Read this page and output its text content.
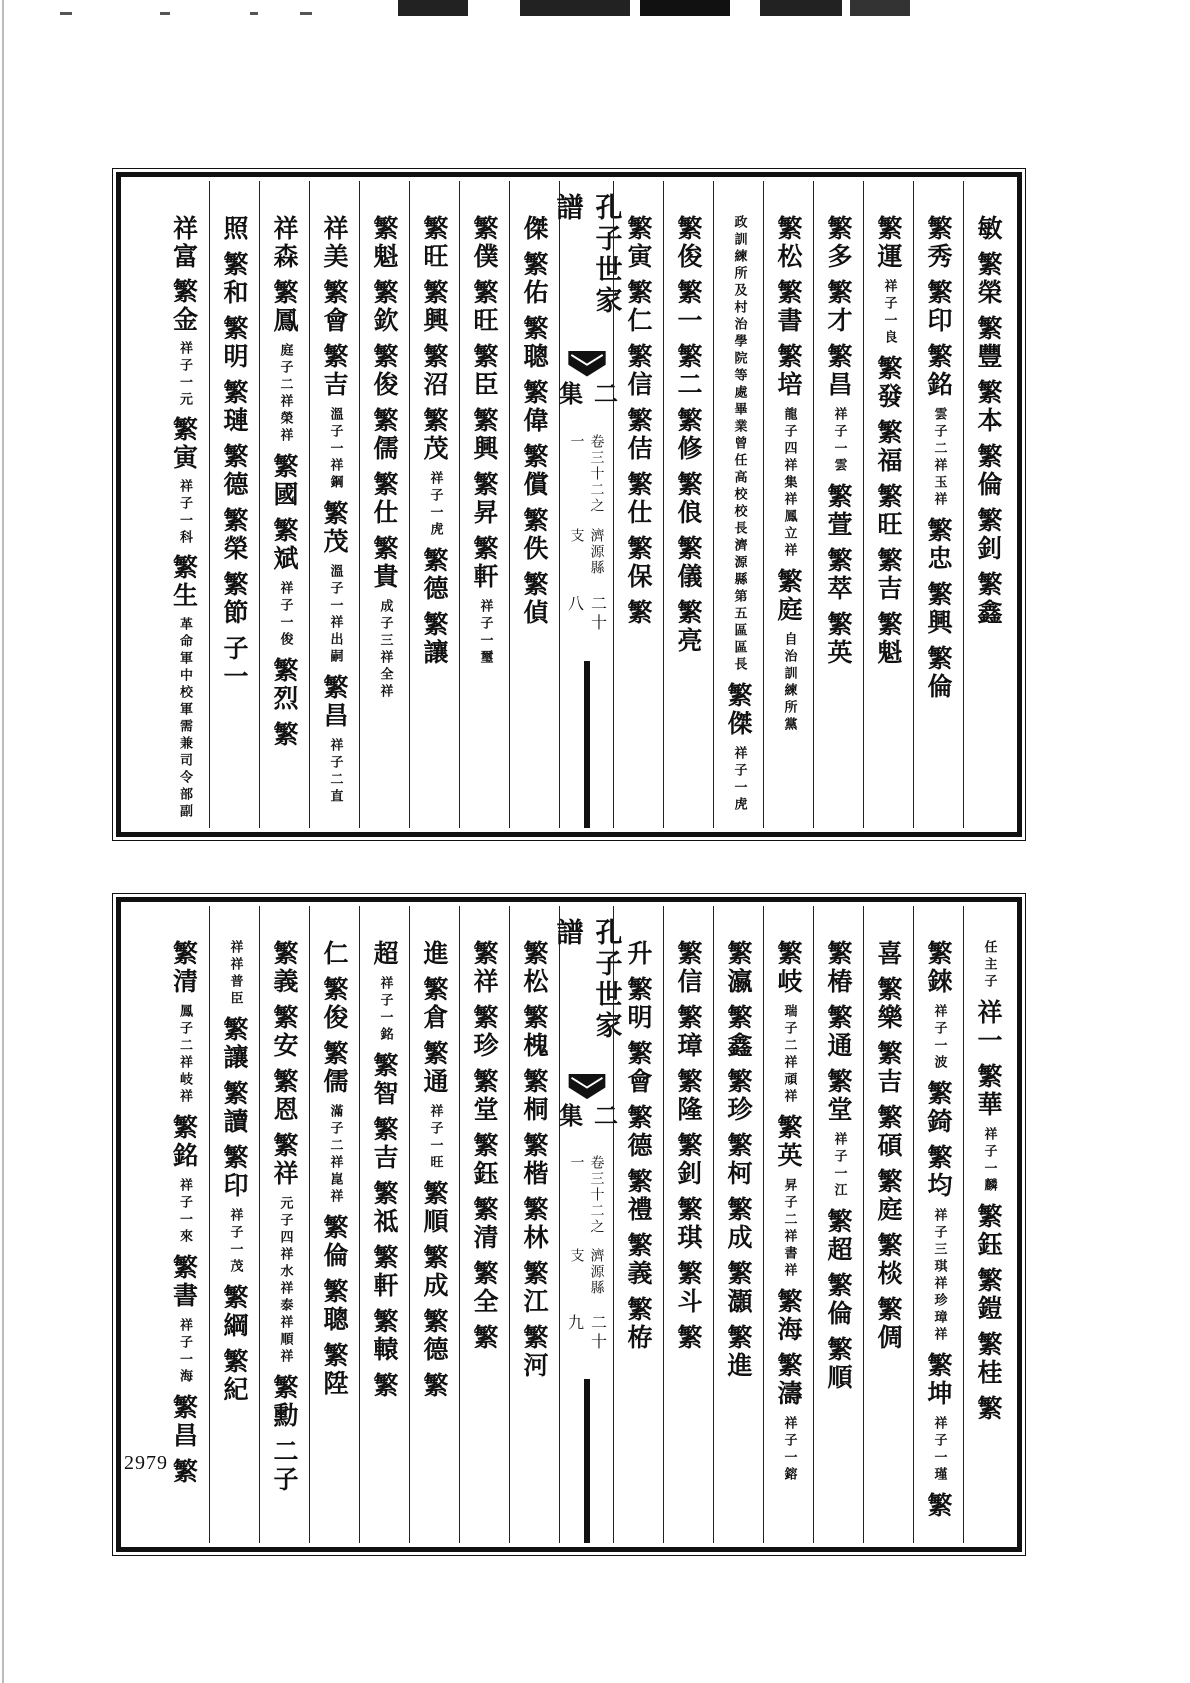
敏
繁榮
繁豐
繁本
繁倫
繁釗
繁鑫
繁秀
繁印
繁銘
雲子二祥玉祥
繁忠
繁興
繁倫
繁運
祥子一良
繁發
繁福
繁旺
繁吉
繁魁
繁多
繁才
繁昌
祥子一雲
繁萱
繁萃
繁英
繁松
繁書
繁培
龍子四祥集祥鳳立祥
繁庭
自治訓練所黨
政訓練所及村治學院等處畢業曾任高校校長濟源縣第五區區長
繁傑
祥子一虎
繁俊
繁一
繁二
繁修
繁俍
繁儀
繁亮
繁寅
繁仁
繁信
繁佶
繁仕
繁保
繁
孔子世家譜
二集
卷三十二之一
濟源縣支
二十八
傑
繁佑
繁聰
繁偉
繁償
繁佚
繁偵
繁僕
繁旺
繁臣
繁興
繁昇
繁軒
祥子一璽
繁旺
繁興
繁沼
繁茂
祥子一虎
繁德
繁讓
繁魁
繁欽
繁俊
繁儒
繁仕
繁貴
成子三祥全祥
祥美
繁會
繁吉
溫子一祥鋼
繁茂
溫子一祥出嗣
繁昌
祥子二直
祥森
繁鳳
庭子二祥榮祥
繁國
繁斌
祥子一俊
繁烈
繁
照
繁和
繁明
繁璉
繁德
繁榮
繁節
子一
祥富
繁金
祥子一元
繁寅
祥子一科
繁生
革命軍中校軍需兼司令部副
任主子
祥一
繁華
祥子一麟
繁鈺
繁鎧
繁桂
繁
繁錸
祥子一波
繁錡
繁均
祥子三琪祥珍璋祥
繁坤
祥子一瑾
繁
喜
繁樂
繁吉
繁碩
繁庭
繁棪
繁倜
繁椿
繁通
繁堂
祥子一江
繁超
繁倫
繁順
繁岐
瑞子二祥頑祥
繁英
昇子二祥書祥
繁海
繁濤
祥子一鎔
繁瀛
繁鑫
繁珍
繁柯
繁成
繁灝
繁進
繁信
繁璋
繁隆
繁釗
繁琪
繁斗
繁
升
繁明
繁會
繁德
繁禮
繁義
繁栫
孔子世家譜
二集
卷三十二之一
濟源縣支
二十九
繁松
繁槐
繁桐
繁楷
繁林
繁江
繁河
繁祥
繁珍
繁堂
繁鈺
繁清
繁全
繁
進
繁倉
繁通
祥子一旺
繁順
繁成
繁德
繁
超
祥子一銘
繁智
繁吉
繁祗
繁軒
繁轅
繁
仁
繁俊
繁儒
滿子二祥崑祥
繁倫
繁聰
繁陞
繁義
繁安
繁恩
繁祥
元子四祥水祥泰祥順祥
繁勳
二子
祥祥普臣
繁讓
繁讀
繁印
祥子一茂
繁綱
繁紀
繁清
鳳子二祥岐祥
繁銘
祥子一來
繁書
祥子一海
繁昌
繁
2979
